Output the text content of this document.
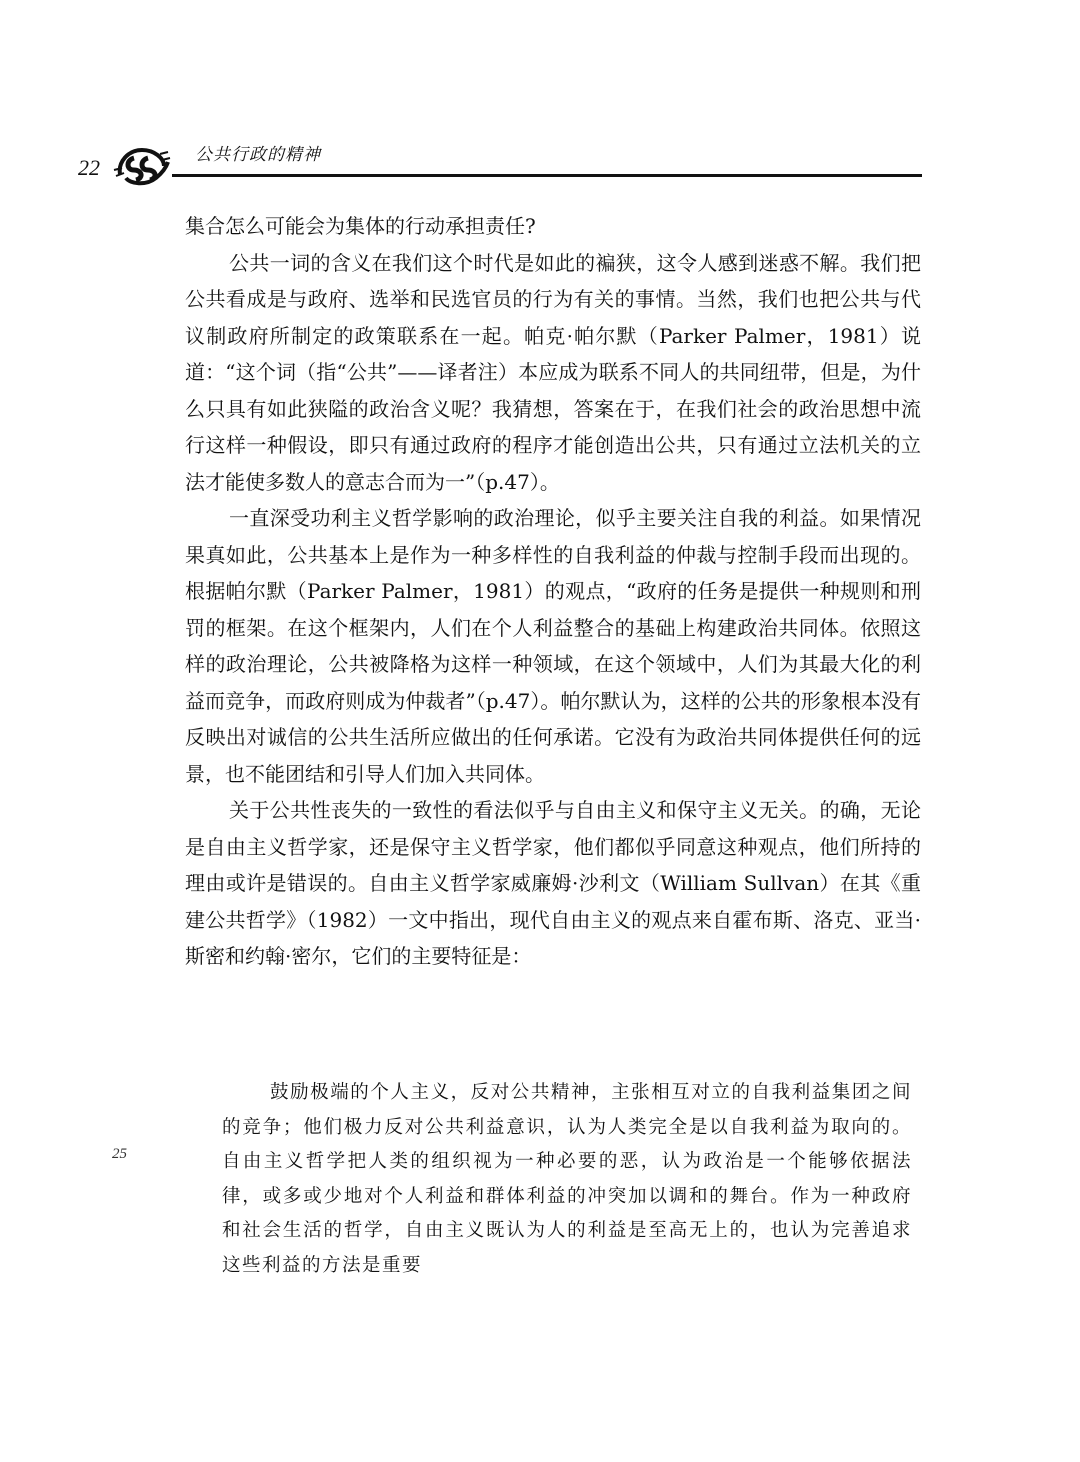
22	公共行政的精神

集合怎么可能会为集体的行动承担责任?

公共一词的含义在我们这个时代是如此的褊狭，这令人感到迷惑不解。我们把公共看成是与政府、选举和民选官员的行为有关的事情。当然，我们也把公共与代议制政府所制定的政策联系在一起。帕克·帕尔默（Parker Palmer，1981）说道：“这个词（指“公共”——译者注）本应成为联系不同人的共同纽带，但是，为什么只具有如此狭隘的政治含义呢？我猜想，答案在于，在我们社会的政治思想中流行这样一种假设，即只有通过政府的程序才能创造出公共，只有通过立法机关的立法才能使多数人的意志合而为一”（p.47）。

一直深受功利主义哲学影响的政治理论，似乎主要关注自我的利益。如果情况果真如此，公共基本上是作为一种多样性的自我利益的仲裁与控制手段而出现的。根据帕尔默（Parker Palmer，1981）的观点，“政府的任务是提供一种规则和刑罚的框架。在这个框架内，人们在个人利益整合的基础上构建政治共同体。依照这样的政治理论，公共被降格为这样一种领域，在这个领域中，人们为其最大化的利益而竞争，而政府则成为仲裁者”（p.47）。帕尔默认为，这样的公共的形象根本没有反映出对诚信的公共生活所应做出的任何承诺。它没有为政治共同体提供任何的远景，也不能团结和引导人们加入共同体。

关于公共性丧失的一致性的看法似乎与自由主义和保守主义无关。的确，无论是自由主义哲学家，还是保守主义哲学家，他们都似乎同意这种观点，他们所持的理由或许是错误的。自由主义哲学家威廉姆·沙利文（William Sullvan）在其《重建公共哲学》（1982）一文中指出，现代自由主义的观点来自霍布斯、洛克、亚当·斯密和约翰·密尔，它们的主要特征是：

25

鼓励极端的个人主义，反对公共精神，主张相互对立的自我利益集团之间的竞争；他们极力反对公共利益意识，认为人类完全是以自我利益为取向的。自由主义哲学把人类的组织视为一种必要的恶，认为政治是一个能够依据法律，或多或少地对个人利益和群体利益的冲突加以调和的舞台。作为一种政府和社会生活的哲学，自由主义既认为人的利益是至高无上的，也认为完善追求这些利益的方法是重要
